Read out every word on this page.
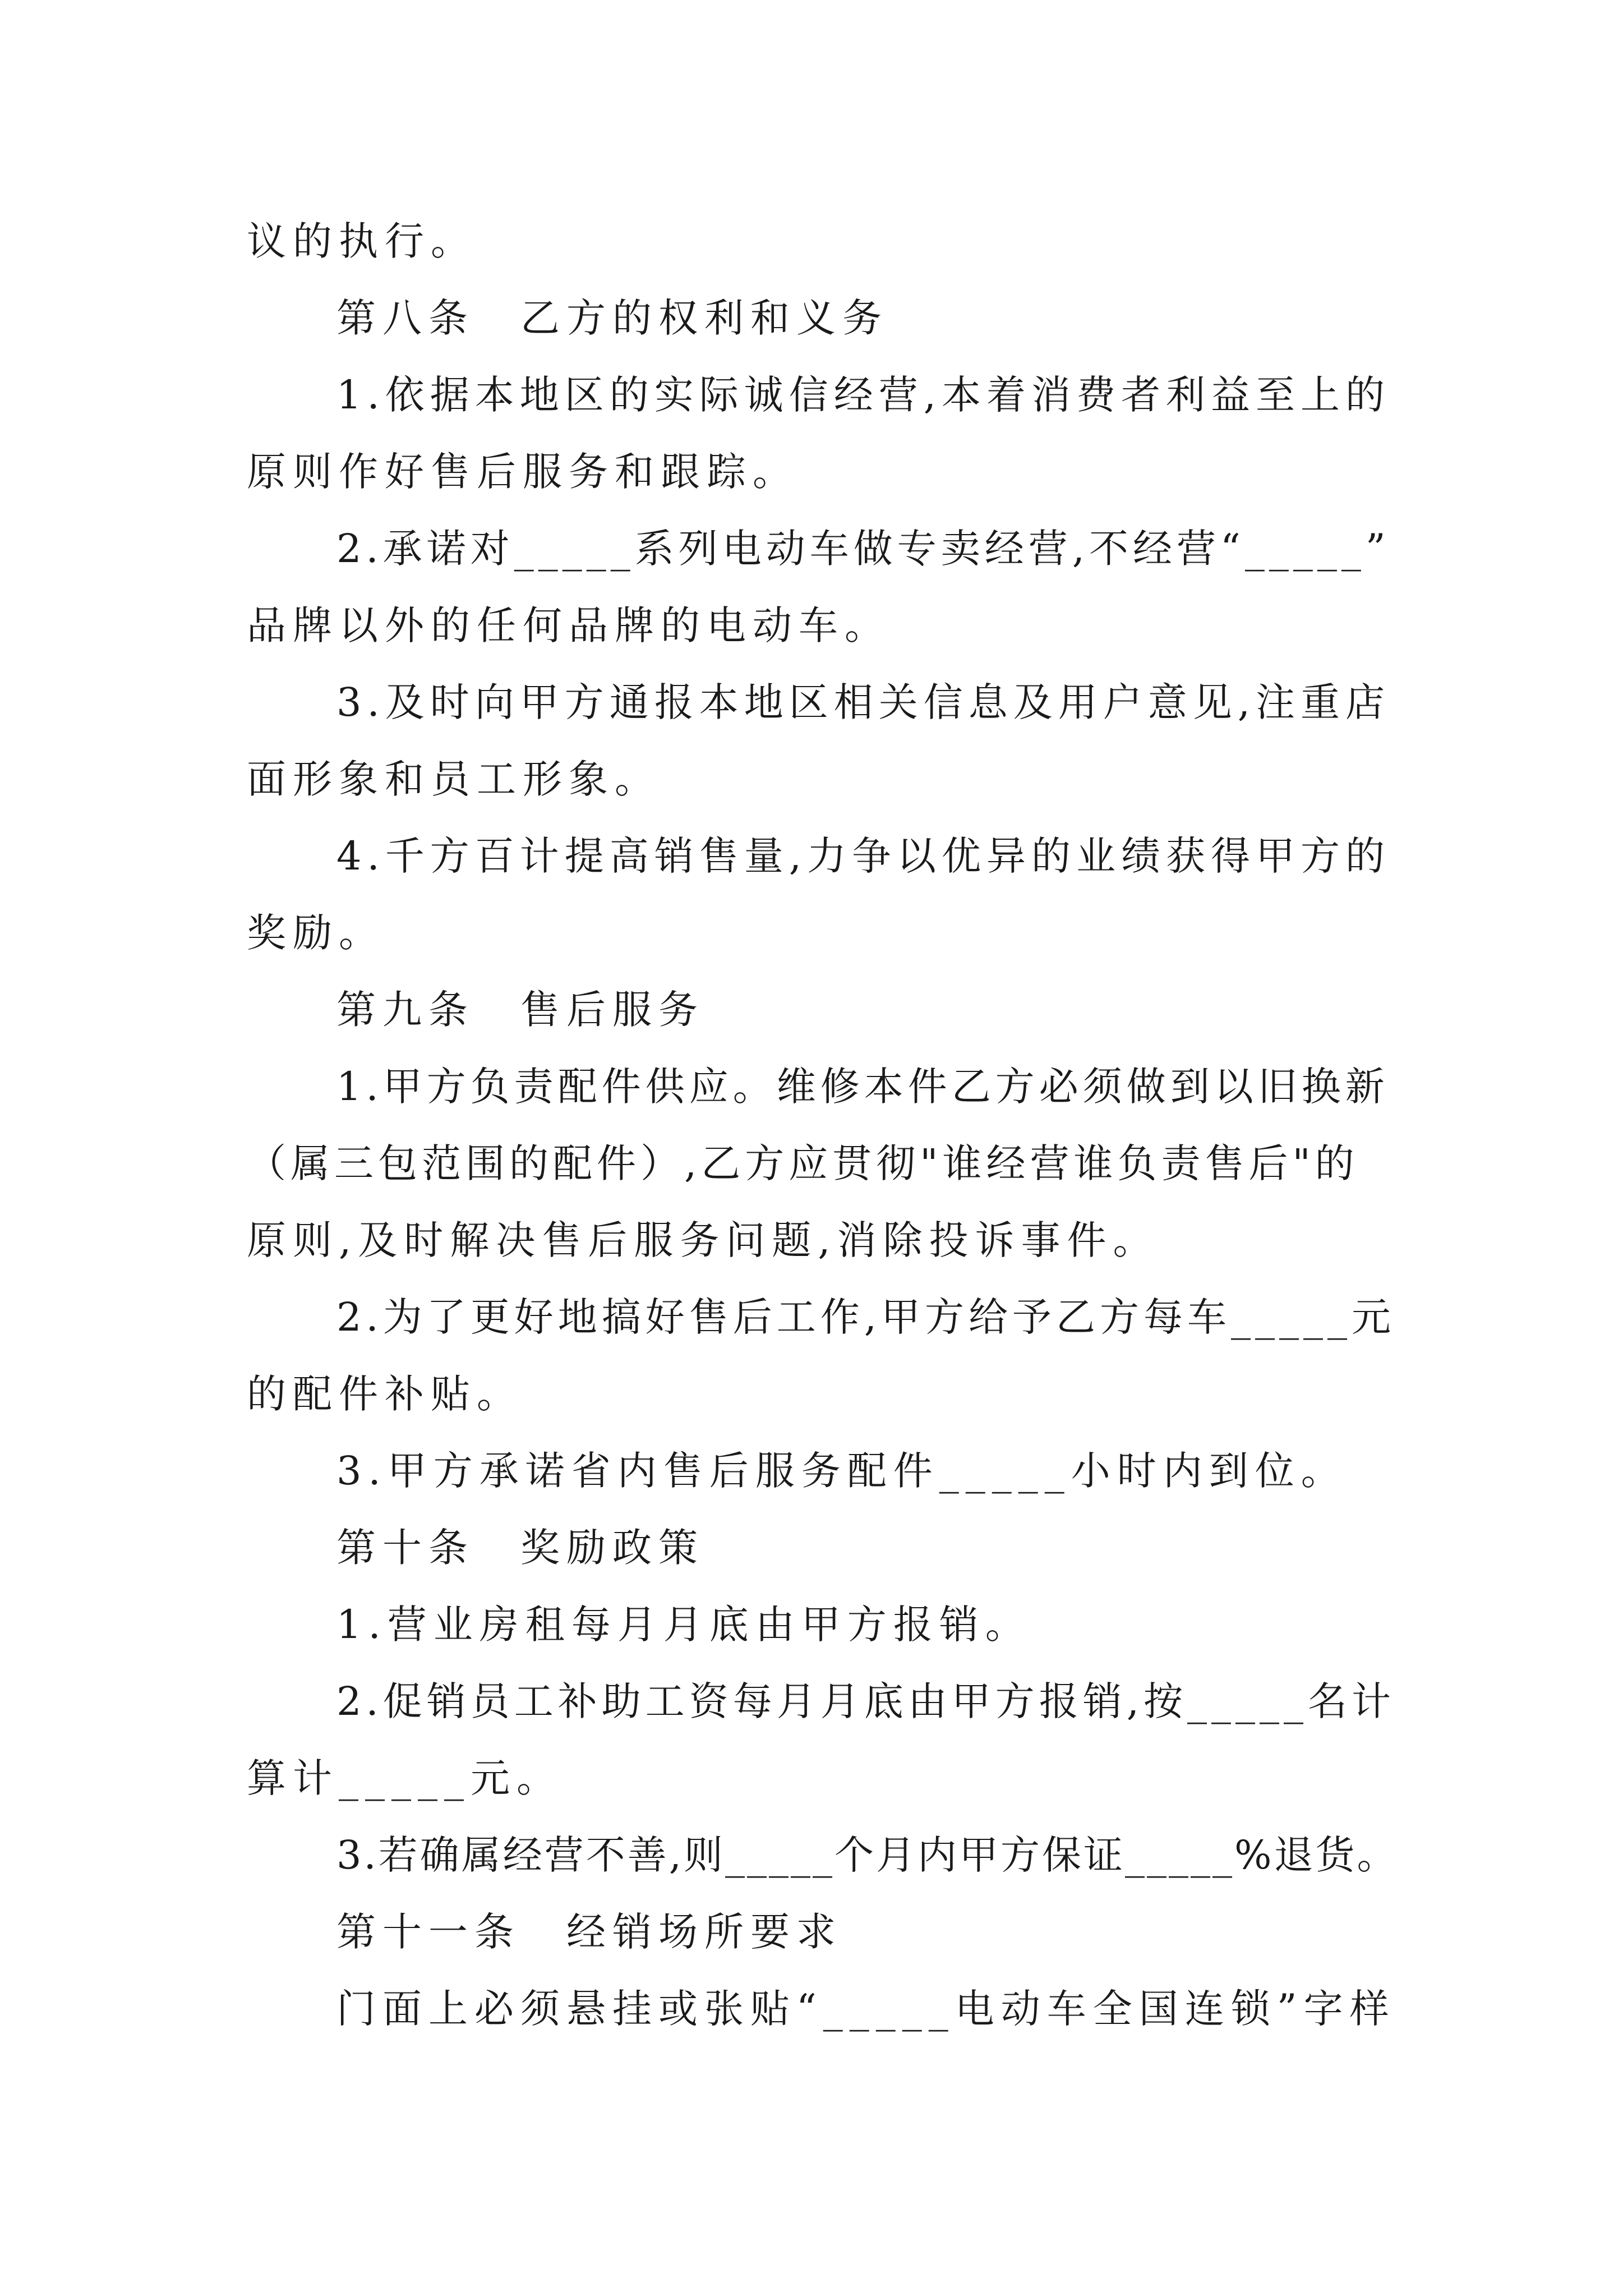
议的执行。
第八条　乙方的权利和义务
1.依据本地区的实际诚信经营,本着消费者利益至上的
原则作好售后服务和跟踪。
2.承诺对_____系列电动车做专卖经营,不经营“_____”
品牌以外的任何品牌的电动车。
3.及时向甲方通报本地区相关信息及用户意见,注重店
面形象和员工形象。
4.千方百计提高销售量,力争以优异的业绩获得甲方的
奖励。
第九条　售后服务
1.甲方负责配件供应。维修本件乙方必须做到以旧换新
（属三包范围的配件）,乙方应贯彻"谁经营谁负责售后"的
原则,及时解决售后服务问题,消除投诉事件。
2.为了更好地搞好售后工作,甲方给予乙方每车_____元
的配件补贴。
3.甲方承诺省内售后服务配件_____小时内到位。
第十条　奖励政策
1.营业房租每月月底由甲方报销。
2.促销员工补助工资每月月底由甲方报销,按_____名计
算计_____元。
3.若确属经营不善,则_____个月内甲方保证_____%退货。
第十一条　经销场所要求
门面上必须悬挂或张贴“_____电动车全国连锁”字样
